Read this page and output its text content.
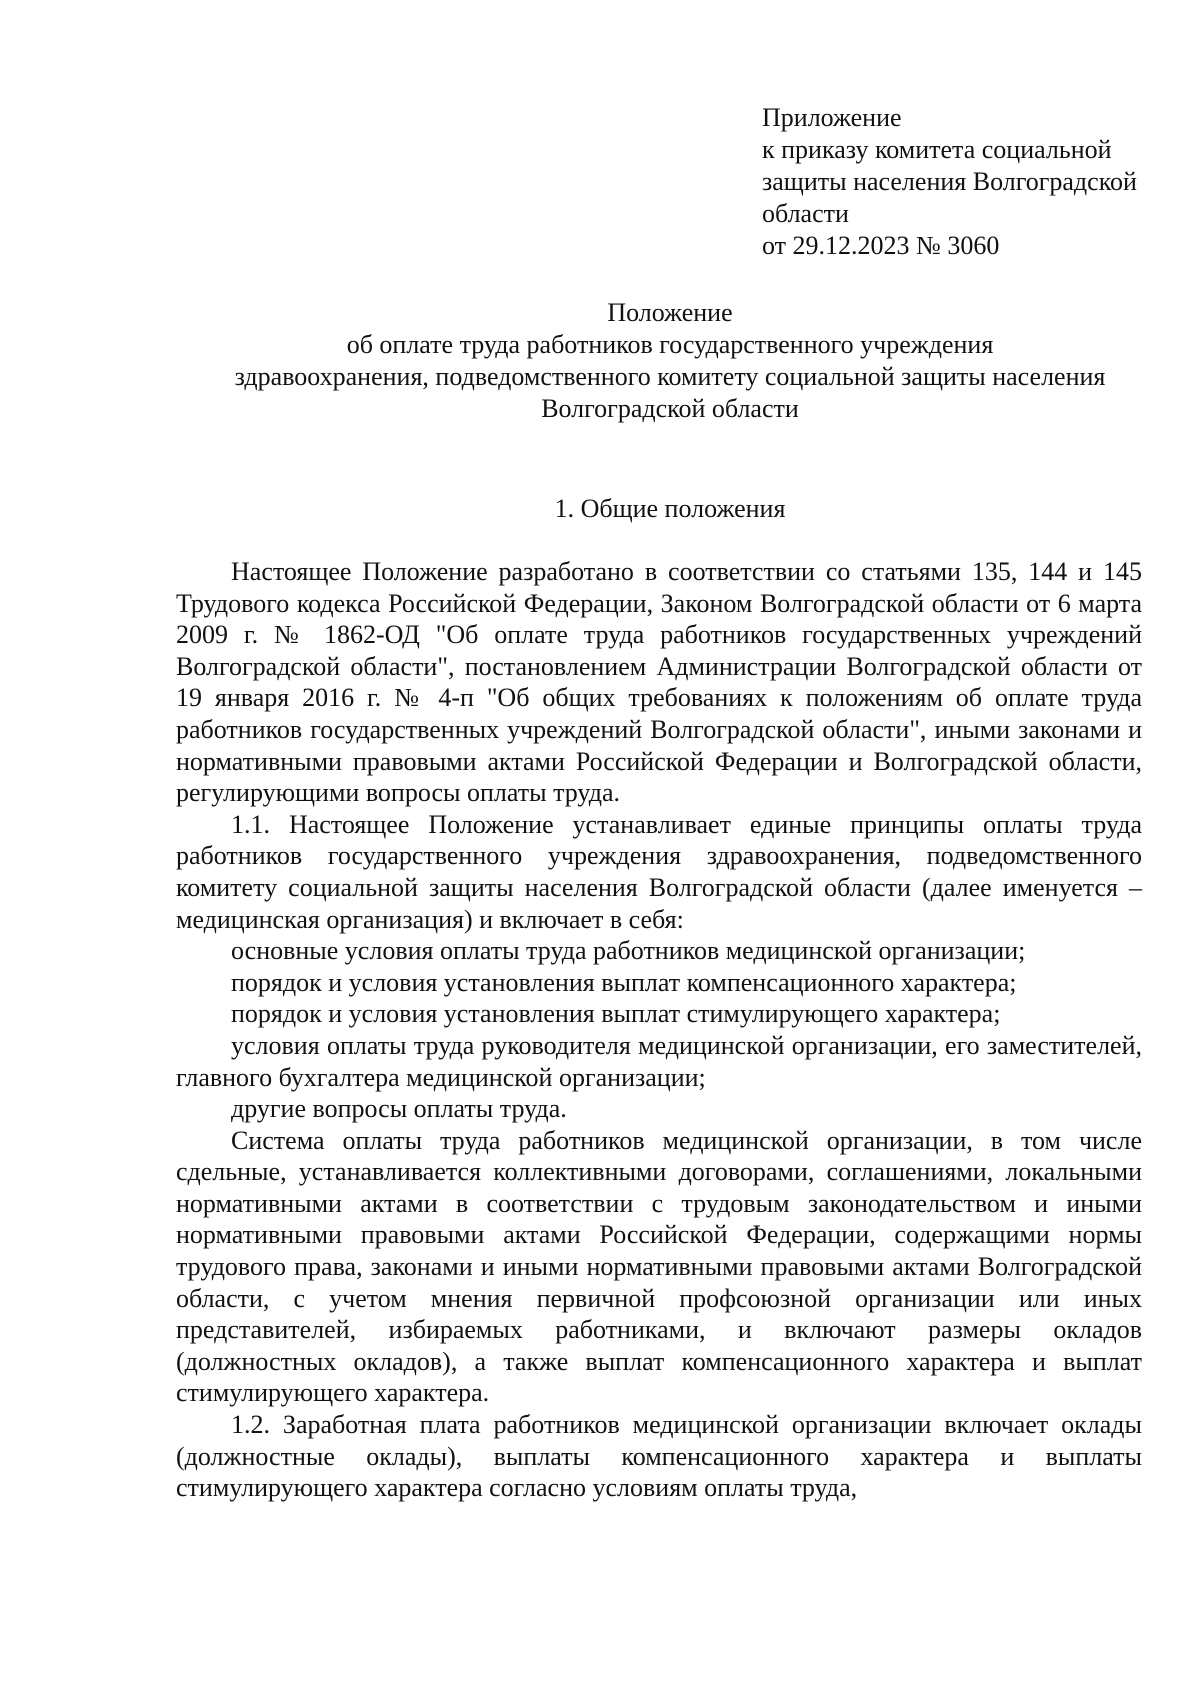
Приложение
к приказу комитета социальной
защиты населения Волгоградской
области
от 29.12.2023 № 3060
Положение
об оплате труда работников государственного учреждения
здравоохранения, подведомственного комитету социальной защиты населения
Волгоградской области
1. Общие положения

Настоящее Положение разработано в соответствии со статьями 135, 144 и 145 Трудового кодекса Российской Федерации, Законом Волгоградской области от 6 марта 2009 г. № 1862-ОД "Об оплате труда работников государственных учреждений Волгоградской области", постановлением Администрации Волгоградской области от 19 января 2016 г. № 4-п "Об общих требованиях к положениям об оплате труда работников государственных учреждений Волгоградской области", иными законами и нормативными правовыми актами Российской Федерации и Волгоградской области, регулирующими вопросы оплаты труда.

1.1. Настоящее Положение устанавливает единые принципы оплаты труда работников государственного учреждения здравоохранения, подведомственного комитету социальной защиты населения Волгоградской области (далее именуется – медицинская организация) и включает в себя:

основные условия оплаты труда работников медицинской организации;

порядок и условия установления выплат компенсационного характера;

порядок и условия установления выплат стимулирующего характера;

условия оплаты труда руководителя медицинской организации, его заместителей, главного бухгалтера медицинской организации;

другие вопросы оплаты труда.

Система оплаты труда работников медицинской организации, в том числе сдельные, устанавливается коллективными договорами, соглашениями, локальными нормативными актами в соответствии с трудовым законодательством и иными нормативными правовыми актами Российской Федерации, содержащими нормы трудового права, законами и иными нормативными правовыми актами Волгоградской области, с учетом мнения первичной профсоюзной организации или иных представителей, избираемых работниками, и включают размеры окладов (должностных окладов), а также выплат компенсационного характера и выплат стимулирующего характера.

1.2. Заработная плата работников медицинской организации включает оклады (должностные оклады), выплаты компенсационного характера и выплаты стимулирующего характера согласно условиям оплаты труда,
